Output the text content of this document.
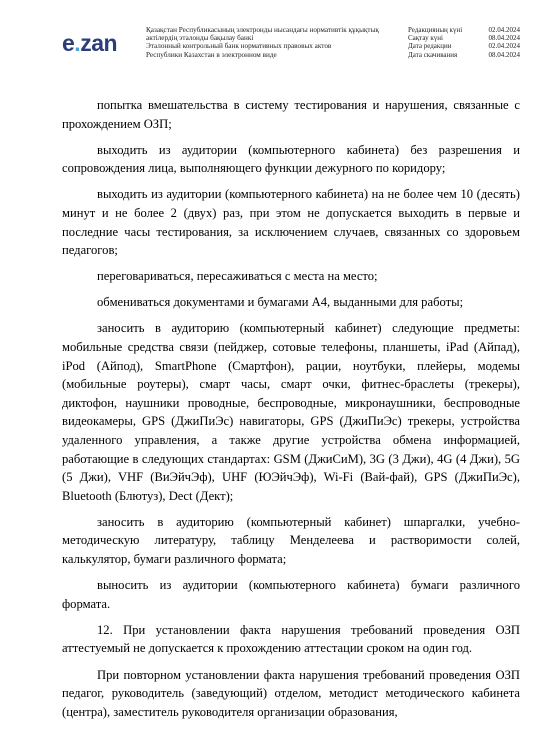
e.zan	Қазақстан Республикасының электронды нысандағы нормативтік құқықтық
актілердің эталонды бақылау банкі
Эталонный контрольный банк нормативных правовых актов
Республики Казахстан в электронном виде
Редакцияның күні	02.04.2024
Сақтау күні	08.04.2024
Дата редакции	02.04.2024
Дата скачивания	08.04.2024

попытка вмешательства в систему тестирования и нарушения, связанные с прохождением ОЗП;

выходить из аудитории (компьютерного кабинета) без разрешения и сопровождения лица, выполняющего функции дежурного по коридору;

выходить из аудитории (компьютерного кабинета) на не более чем 10 (десять) минут и не более 2 (двух) раз, при этом не допускается выходить в первые и последние часы тестирования, за исключением случаев, связанных со здоровьем педагогов;

переговариваться, пересаживаться с места на место;

обмениваться документами и бумагами А4, выданными для работы;

заносить в аудиторию (компьютерный кабинет) следующие предметы: мобильные средства связи (пейджер, сотовые телефоны, планшеты, iPad (Айпад), iPod (Айпод), SmartPhone (Смартфон), рации, ноутбуки, плейеры, модемы (мобильные роутеры), смарт часы, смарт очки, фитнес-браслеты (трекеры), диктофон, наушники проводные, беспроводные, микронаушники, беспроводные видеокамеры, GPS (ДжиПиЭс) навигаторы, GPS (ДжиПиЭс) трекеры, устройства удаленного управления, а также другие устройства обмена информацией, работающие в следующих стандартах: GSM (ДжиСиМ), 3G (3 Джи), 4G (4 Джи), 5G (5 Джи), VHF (ВиЭйчЭф), UHF (ЮЭйчЭф), Wi-Fi (Вай-фай), GPS (ДжиПиЭс), Bluetooth (Блютуз), Dect (Дект);

заносить в аудиторию (компьютерный кабинет) шпаргалки, учебно-методическую литературу, таблицу Менделеева и растворимости солей, калькулятор, бумаги различного формата;

выносить из аудитории (компьютерного кабинета) бумаги различного формата.

12. При установлении факта нарушения требований проведения ОЗП аттестуемый не допускается к прохождению аттестации сроком на один год.

При повторном установлении факта нарушения требований проведения ОЗП педагог, руководитель (заведующий) отделом, методист методического кабинета (центра), заместитель руководителя организации образования,
